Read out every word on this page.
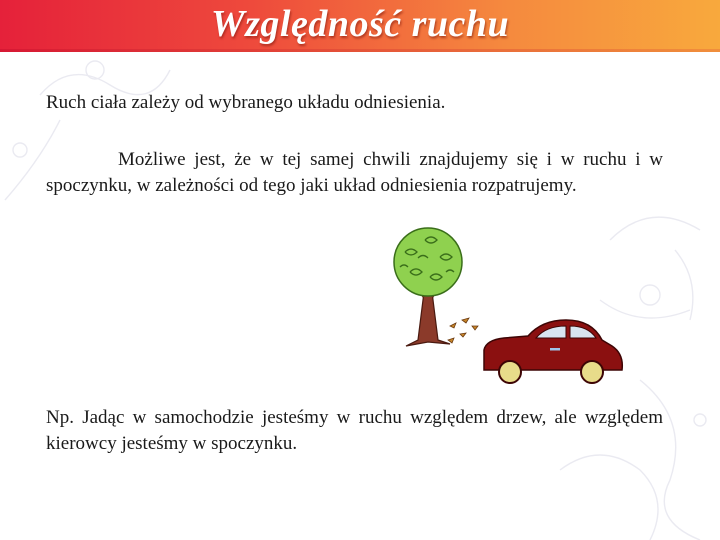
Względność ruchu
Ruch ciała zależy od wybranego układu odniesienia.
Możliwe jest, że w tej samej chwili znajdujemy się i w ruchu i w spoczynku, w zależności od tego jaki układ odniesienia rozpatrujemy.
Np. Jadąc w samochodzie jesteśmy w ruchu względem drzew, ale względem kierowcy jesteśmy w spoczynku.
